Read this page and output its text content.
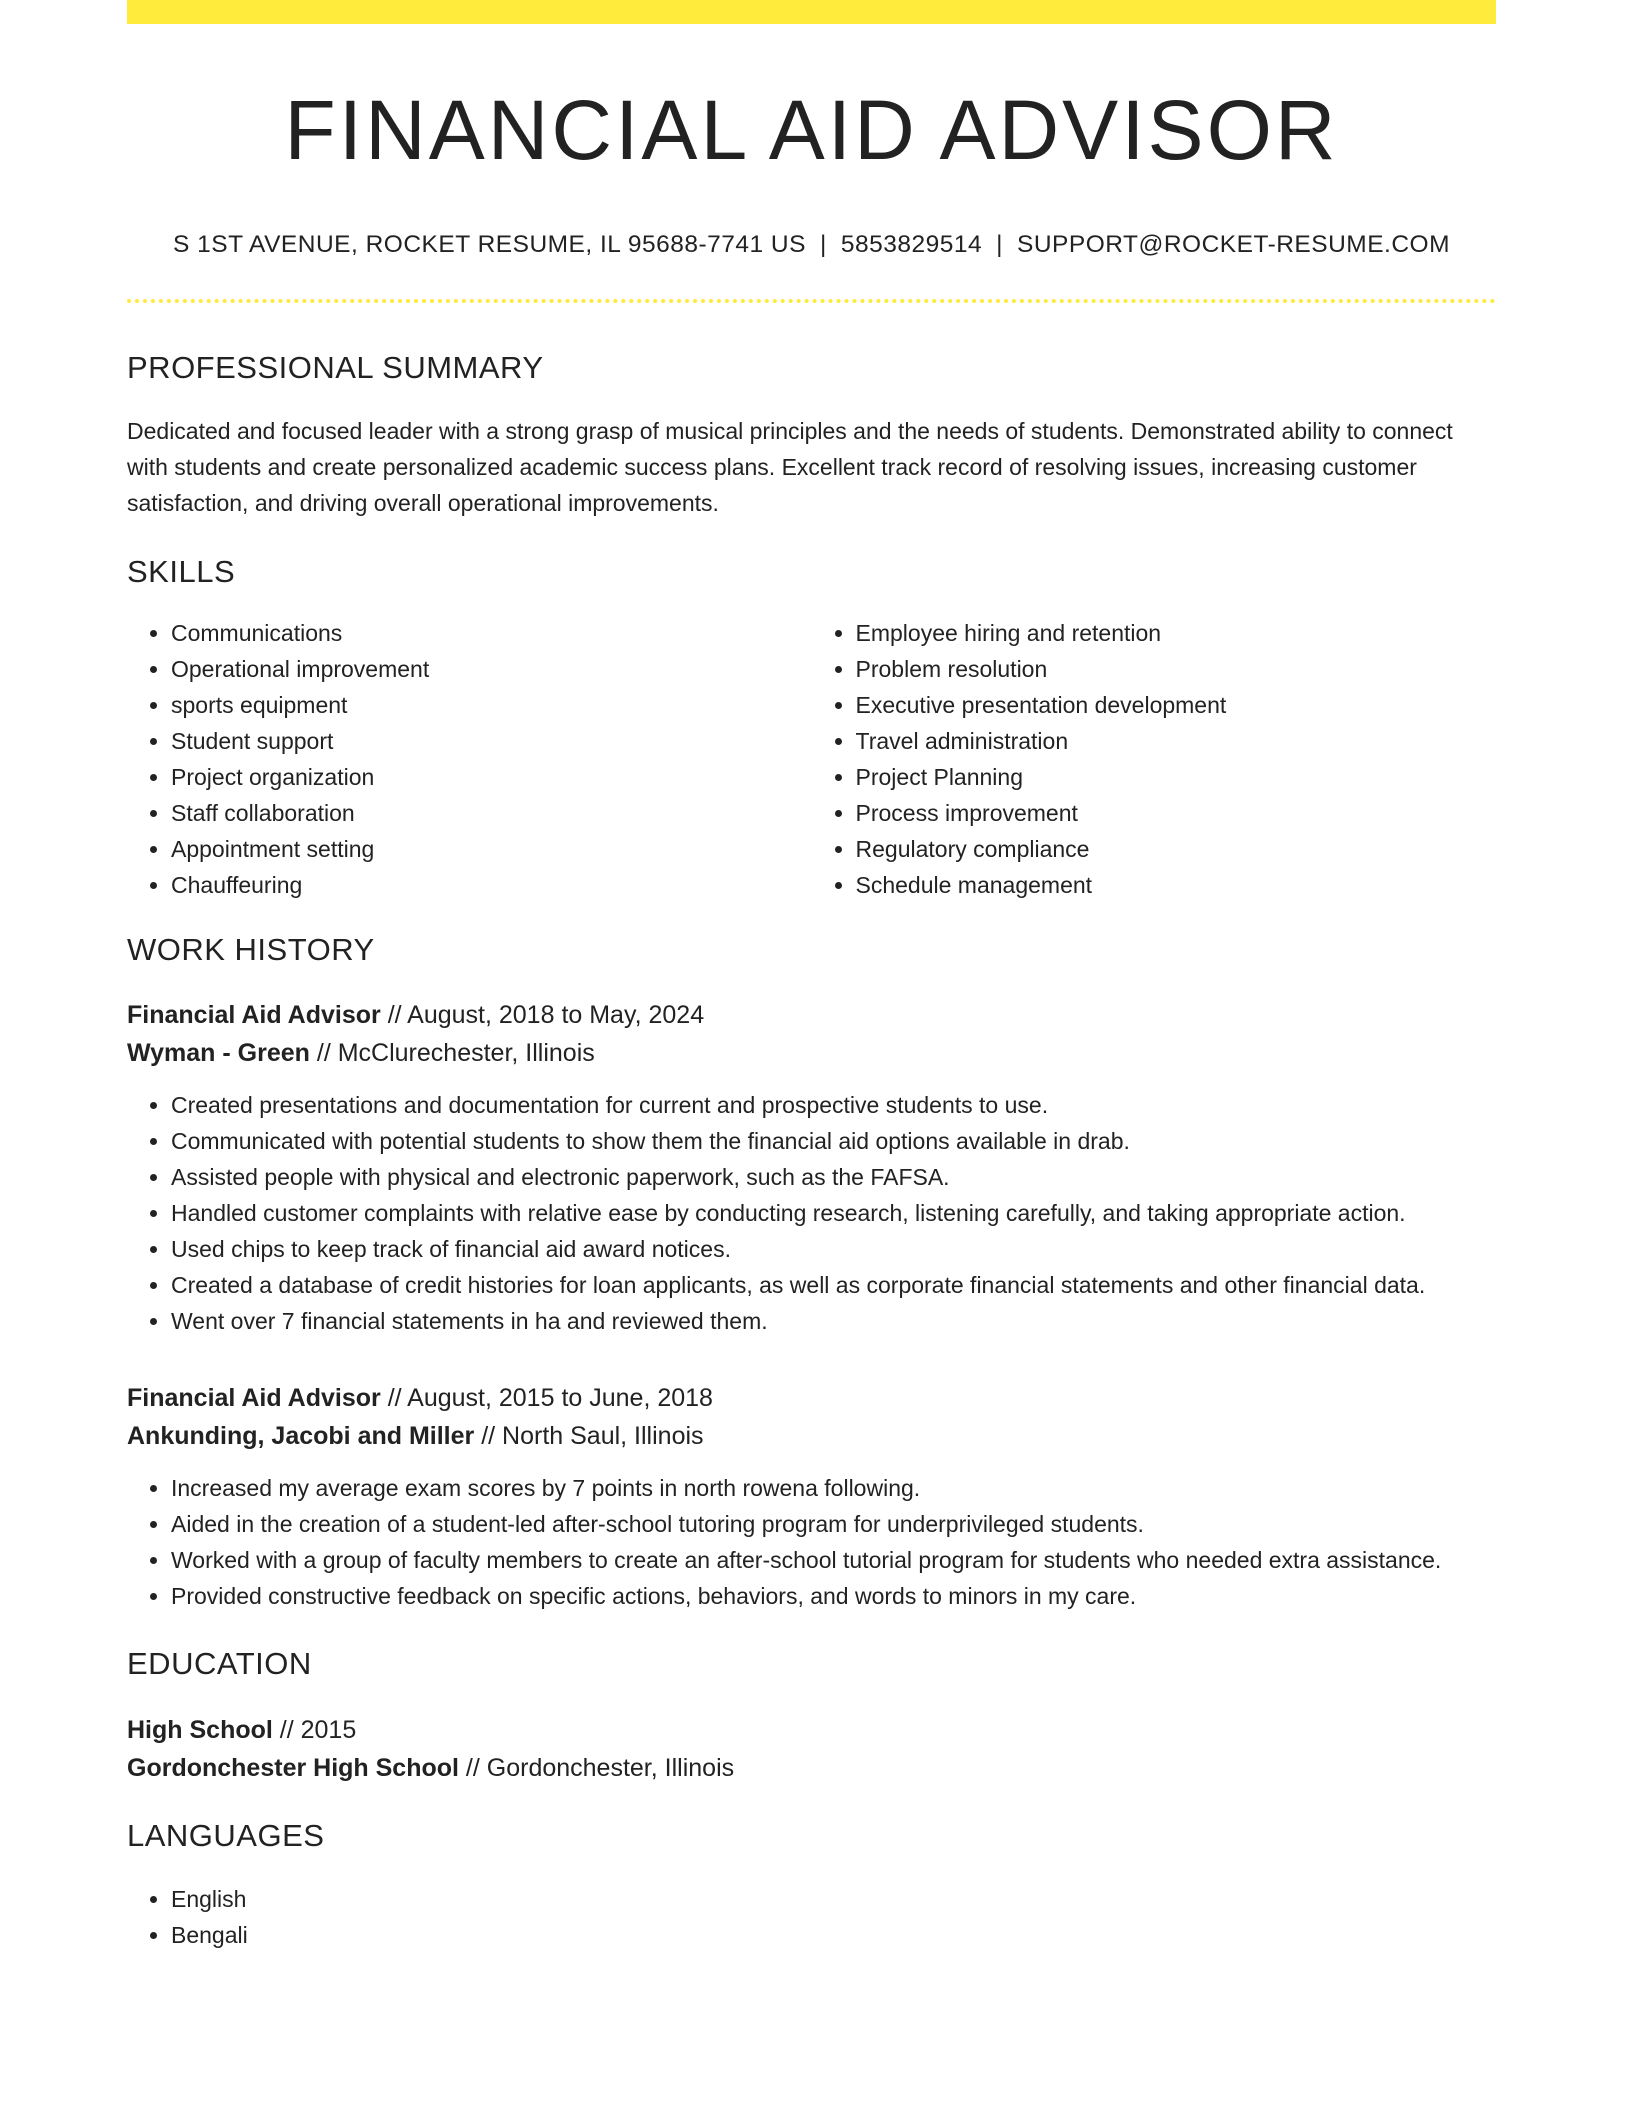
FINANCIAL AID ADVISOR
S 1ST AVENUE, ROCKET RESUME, IL 95688-7741 US | 5853829514 | SUPPORT@ROCKET-RESUME.COM
PROFESSIONAL SUMMARY
Dedicated and focused leader with a strong grasp of musical principles and the needs of students. Demonstrated ability to connect with students and create personalized academic success plans. Excellent track record of resolving issues, increasing customer satisfaction, and driving overall operational improvements.
SKILLS
• Communications
• Operational improvement
• sports equipment
• Student support
• Project organization
• Staff collaboration
• Appointment setting
• Chauffeuring
• Employee hiring and retention
• Problem resolution
• Executive presentation development
• Travel administration
• Project Planning
• Process improvement
• Regulatory compliance
• Schedule management
WORK HISTORY
Financial Aid Advisor // August, 2018 to May, 2024
Wyman - Green // McClurechester, Illinois
• Created presentations and documentation for current and prospective students to use.
• Communicated with potential students to show them the financial aid options available in drab.
• Assisted people with physical and electronic paperwork, such as the FAFSA.
• Handled customer complaints with relative ease by conducting research, listening carefully, and taking appropriate action.
• Used chips to keep track of financial aid award notices.
• Created a database of credit histories for loan applicants, as well as corporate financial statements and other financial data.
• Went over 7 financial statements in ha and reviewed them.
Financial Aid Advisor // August, 2015 to June, 2018
Ankunding, Jacobi and Miller // North Saul, Illinois
• Increased my average exam scores by 7 points in north rowena following.
• Aided in the creation of a student-led after-school tutoring program for underprivileged students.
• Worked with a group of faculty members to create an after-school tutorial program for students who needed extra assistance.
• Provided constructive feedback on specific actions, behaviors, and words to minors in my care.
EDUCATION
High School // 2015
Gordonchester High School // Gordonchester, Illinois
LANGUAGES
• English
• Bengali
